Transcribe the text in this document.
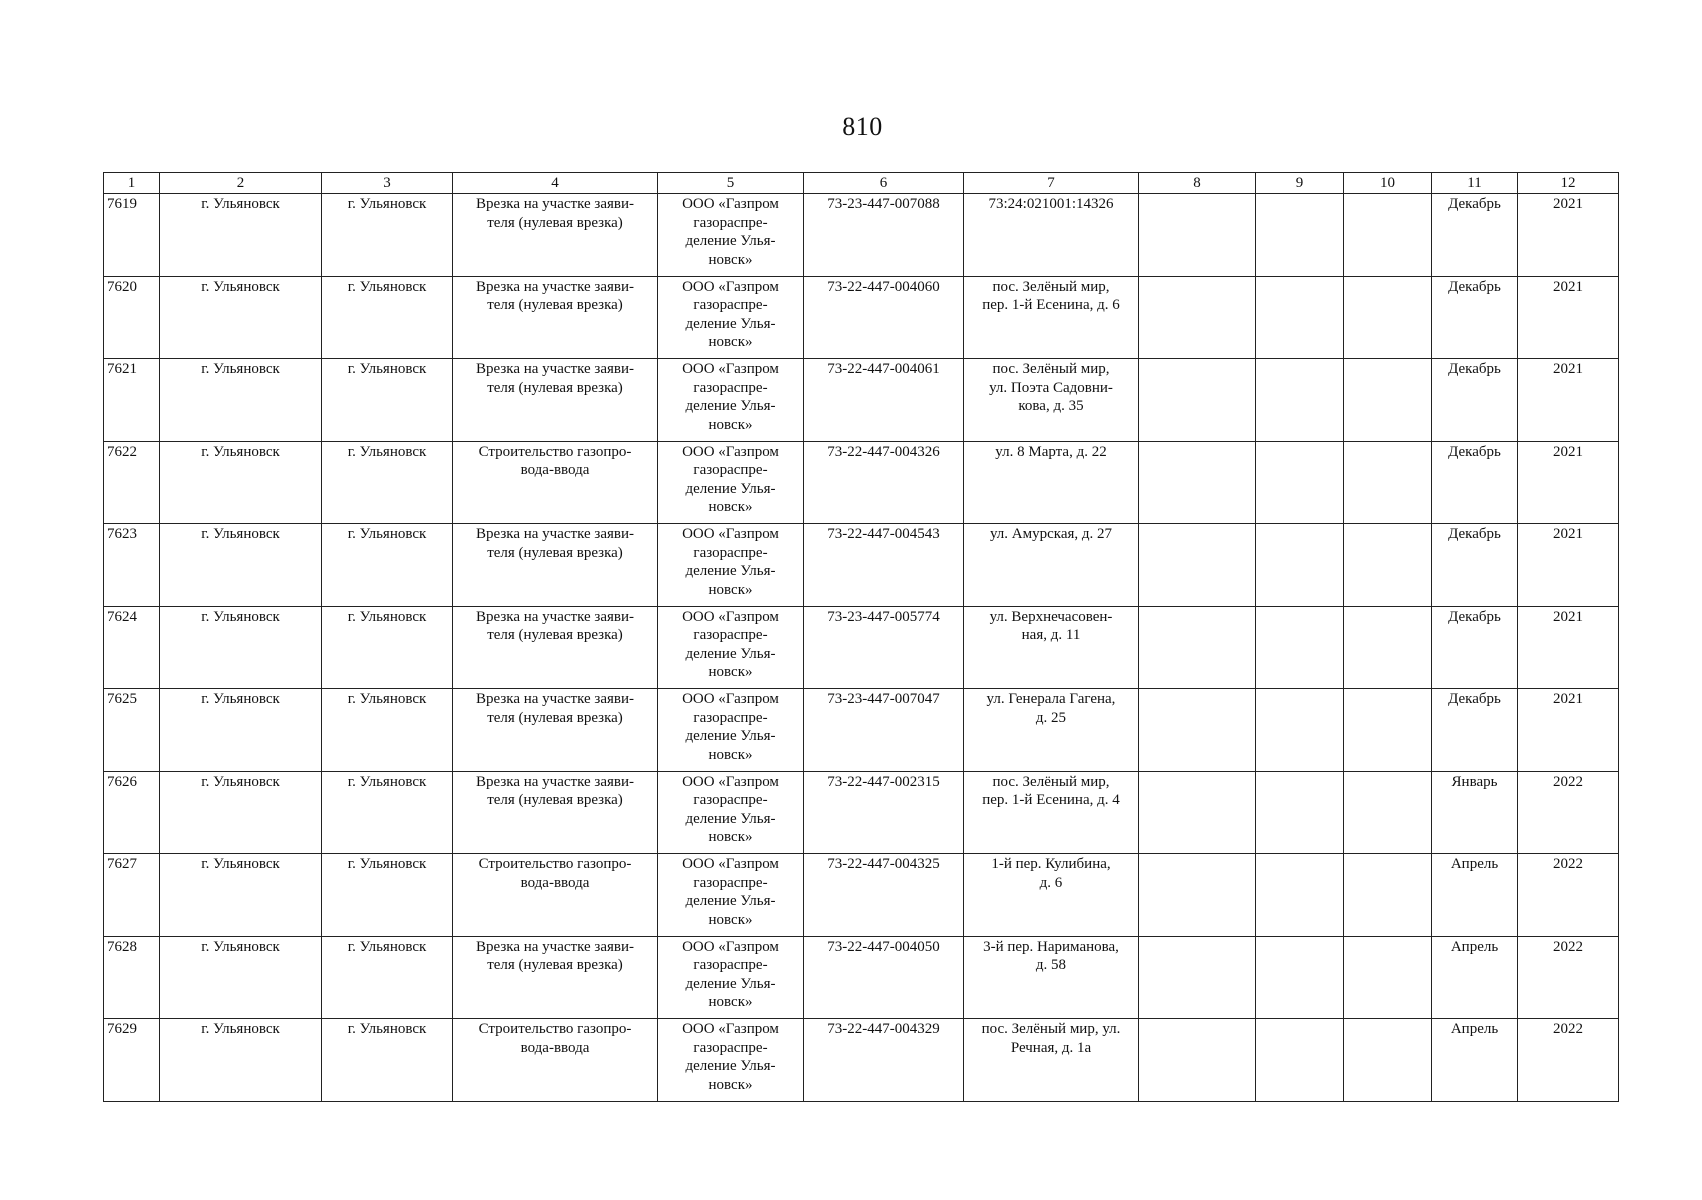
810
1	2	3	4	5	6	7	8	9	10	11	12
7619	г. Ульяновск	г. Ульяновск	Врезка на участке заяви-
теля (нулевая врезка)	ООО «Газпром
газораспре-
деление Улья-
новск»	73-23-447-007088	73:24:021001:14326				Декабрь	2021
7620	г. Ульяновск	г. Ульяновск	Врезка на участке заяви-
теля (нулевая врезка)	ООО «Газпром
газораспре-
деление Улья-
новск»	73-22-447-004060	пос. Зелёный мир,
пер. 1-й Есенина, д. 6				Декабрь	2021
7621	г. Ульяновск	г. Ульяновск	Врезка на участке заяви-
теля (нулевая врезка)	ООО «Газпром
газораспре-
деление Улья-
новск»	73-22-447-004061	пос. Зелёный мир,
ул. Поэта Садовни-
кова, д. 35				Декабрь	2021
7622	г. Ульяновск	г. Ульяновск	Строительство газопро-
вода-ввода	ООО «Газпром
газораспре-
деление Улья-
новск»	73-22-447-004326	ул. 8 Марта, д. 22				Декабрь	2021
7623	г. Ульяновск	г. Ульяновск	Врезка на участке заяви-
теля (нулевая врезка)	ООО «Газпром
газораспре-
деление Улья-
новск»	73-22-447-004543	ул. Амурская, д. 27				Декабрь	2021
7624	г. Ульяновск	г. Ульяновск	Врезка на участке заяви-
теля (нулевая врезка)	ООО «Газпром
газораспре-
деление Улья-
новск»	73-23-447-005774	ул. Верхнечасовен-
ная, д. 11				Декабрь	2021
7625	г. Ульяновск	г. Ульяновск	Врезка на участке заяви-
теля (нулевая врезка)	ООО «Газпром
газораспре-
деление Улья-
новск»	73-23-447-007047	ул. Генерала Гагена,
д. 25				Декабрь	2021
7626	г. Ульяновск	г. Ульяновск	Врезка на участке заяви-
теля (нулевая врезка)	ООО «Газпром
газораспре-
деление Улья-
новск»	73-22-447-002315	пос. Зелёный мир,
пер. 1-й Есенина, д. 4				Январь	2022
7627	г. Ульяновск	г. Ульяновск	Строительство газопро-
вода-ввода	ООО «Газпром
газораспре-
деление Улья-
новск»	73-22-447-004325	1-й пер. Кулибина,
д. 6				Апрель	2022
7628	г. Ульяновск	г. Ульяновск	Врезка на участке заяви-
теля (нулевая врезка)	ООО «Газпром
газораспре-
деление Улья-
новск»	73-22-447-004050	3-й пер. Нариманова,
д. 58				Апрель	2022
7629	г. Ульяновск	г. Ульяновск	Строительство газопро-
вода-ввода	ООО «Газпром
газораспре-
деление Улья-
новск»	73-22-447-004329	пос. Зелёный мир, ул.
Речная, д. 1а				Апрель	2022
